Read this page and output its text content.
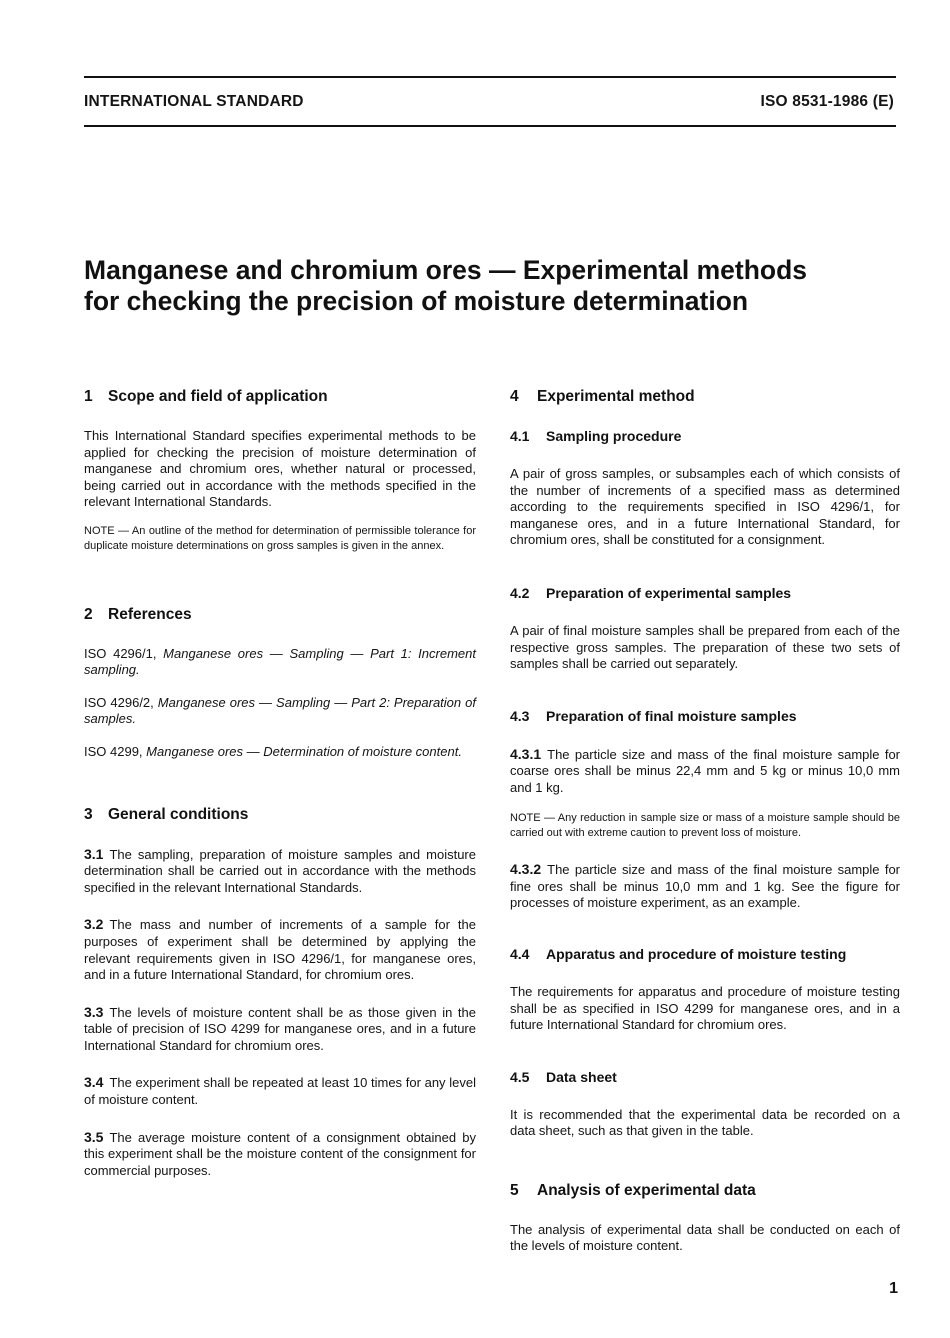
INTERNATIONAL STANDARD	ISO 8531-1986 (E)
Manganese and chromium ores — Experimental methods
for checking the precision of moisture determination
1 Scope and field of application

This International Standard specifies experimental methods to be applied for checking the precision of moisture determination of manganese and chromium ores, whether natural or processed, being carried out in accordance with the methods specified in the relevant International Standards.

NOTE — An outline of the method for determination of permissible tolerance for duplicate moisture determinations on gross samples is given in the annex.

2 References

ISO 4296/1, Manganese ores — Sampling — Part 1: Increment sampling.

ISO 4296/2, Manganese ores — Sampling — Part 2: Preparation of samples.

ISO 4299, Manganese ores — Determination of moisture content.

3 General conditions

3.1 The sampling, preparation of moisture samples and moisture determination shall be carried out in accordance with the methods specified in the relevant International Standards.

3.2 The mass and number of increments of a sample for the purposes of experiment shall be determined by applying the relevant requirements given in ISO 4296/1, for manganese ores, and in a future International Standard, for chromium ores.

3.3 The levels of moisture content shall be as those given in the table of precision of ISO 4299 for manganese ores, and in a future International Standard for chromium ores.

3.4 The experiment shall be repeated at least 10 times for any level of moisture content.

3.5 The average moisture content of a consignment obtained by this experiment shall be the moisture content of the consignment for commercial purposes.

4 Experimental method
4.1 Sampling procedure

A pair of gross samples, or subsamples each of which consists of the number of increments of a specified mass as determined according to the requirements specified in ISO 4296/1, for manganese ores, and in a future International Standard, for chromium ores, shall be constituted for a consignment.

4.2 Preparation of experimental samples

A pair of final moisture samples shall be prepared from each of the respective gross samples. The preparation of these two sets of samples shall be carried out separately.

4.3 Preparation of final moisture samples

4.3.1 The particle size and mass of the final moisture sample for coarse ores shall be minus 22,4 mm and 5 kg or minus 10,0 mm and 1 kg.

NOTE — Any reduction in sample size or mass of a moisture sample should be carried out with extreme caution to prevent loss of moisture.

4.3.2 The particle size and mass of the final moisture sample for fine ores shall be minus 10,0 mm and 1 kg. See the figure for processes of moisture experiment, as an example.

4.4 Apparatus and procedure of moisture testing

The requirements for apparatus and procedure of moisture testing shall be as specified in ISO 4299 for manganese ores, and in a future International Standard for chromium ores.

4.5 Data sheet

It is recommended that the experimental data be recorded on a data sheet, such as that given in the table.

5 Analysis of experimental data

The analysis of experimental data shall be conducted on each of the levels of moisture content.

1
